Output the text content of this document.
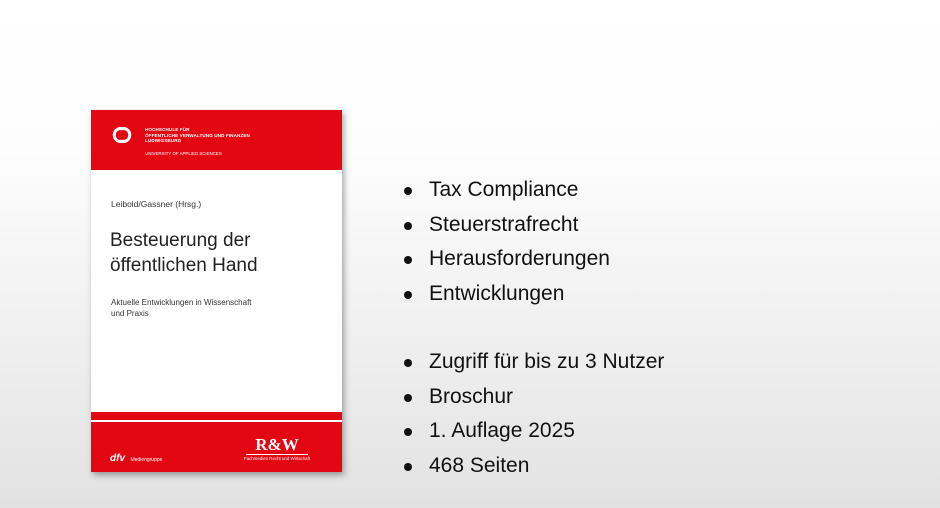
HOCHSCHULE FÜR
ÖFFENTLICHE VERWALTUNG UND FINANZEN
LUDWIGSBURG
UNIVERSITY OF APPLIED SCIENCES
Leibold/Gassner (Hrsg.)
Besteuerung der
öffentlichen Hand
Aktuelle Entwicklungen in Wissenschaft
und Praxis
dfv Mediengruppe
R&W
Fachmedien Recht und Wirtschaft
Tax Compliance
Steuerstrafrecht
Herausforderungen
Entwicklungen
Zugriff für bis zu 3 Nutzer
Broschur
1. Auflage 2025
468 Seiten
